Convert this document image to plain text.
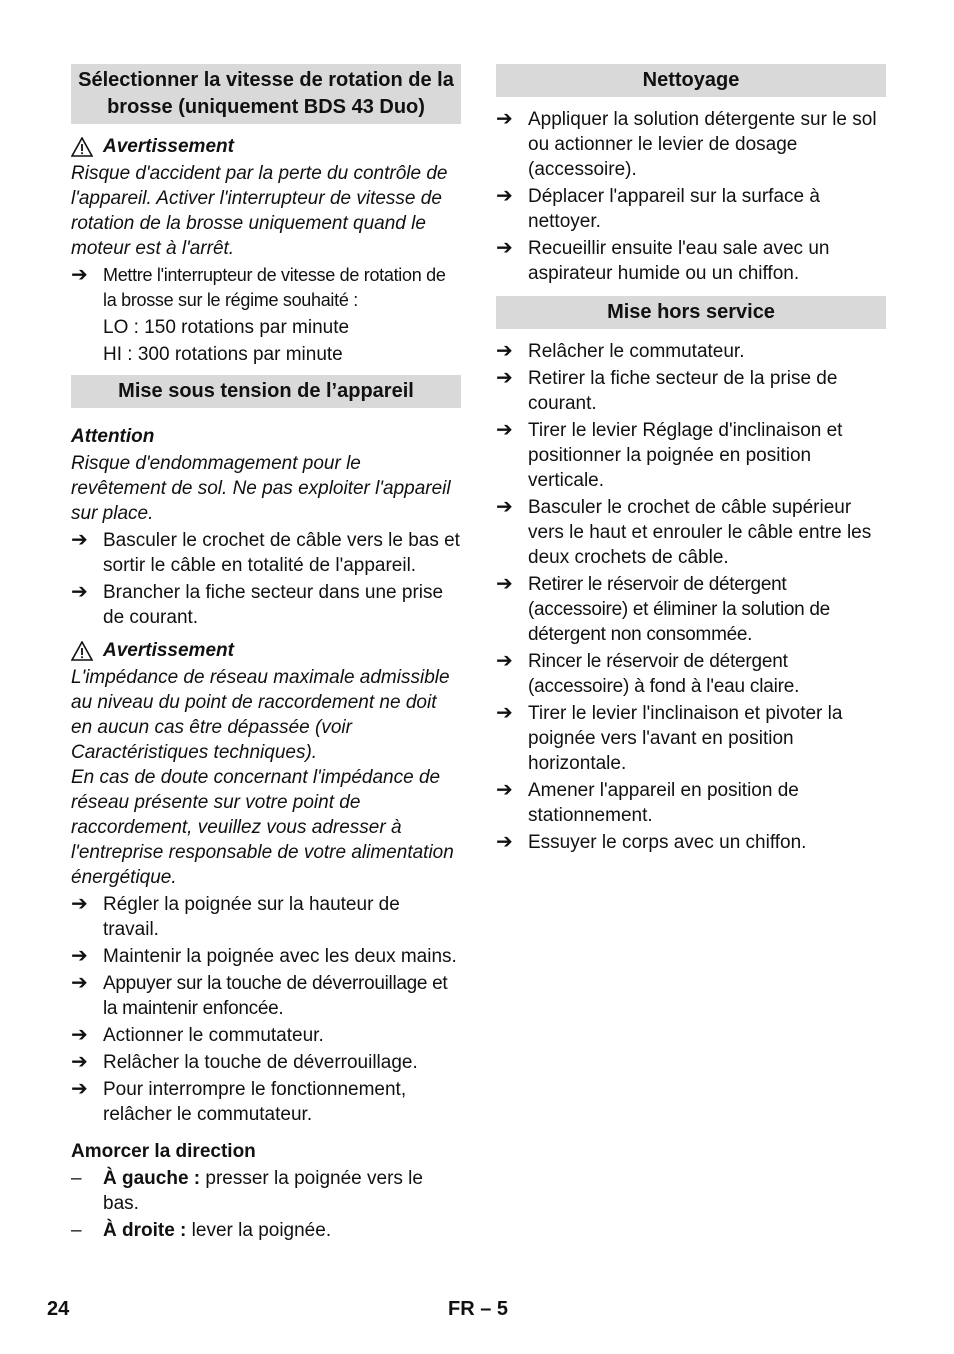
Sélectionner la vitesse de rotation de la brosse (uniquement BDS 43 Duo)
Avertissement

Risque d'accident par la perte du contrôle de l'appareil. Activer l'interrupteur de vitesse de rotation de la brosse uniquement quand le moteur est à l'arrêt.

➔ Mettre l'interrupteur de vitesse de rotation de la brosse sur le régime souhaité :
LO : 150 rotations par minute
HI : 300 rotations par minute
Mise sous tension de l’appareil
Attention

Risque d'endommagement pour le revêtement de sol. Ne pas exploiter l'appareil sur place.

➔ Basculer le crochet de câble vers le bas et sortir le câble en totalité de l'appareil.
➔ Brancher la fiche secteur dans une prise de courant.
Avertissement

L'impédance de réseau maximale admissible au niveau du point de raccordement ne doit en aucun cas être dépassée (voir Caractéristiques techniques).

En cas de doute concernant l'impédance de réseau présente sur votre point de raccordement, veuillez vous adresser à l'entreprise responsable de votre alimentation énergétique.

➔ Régler la poignée sur la hauteur de travail.
➔ Maintenir la poignée avec les deux mains.
➔ Appuyer sur la touche de déverrouillage et la maintenir enfoncée.
➔ Actionner le commutateur.
➔ Relâcher la touche de déverrouillage.
➔ Pour interrompre le fonctionnement, relâcher le commutateur.
Amorcer la direction
–	À gauche : presser la poignée vers le bas.
–	À droite : lever la poignée.
Nettoyage
➔ Appliquer la solution détergente sur le sol ou actionner le levier de dosage (accessoire).
➔ Déplacer l'appareil sur la surface à nettoyer.
➔ Recueillir ensuite l'eau sale avec un aspirateur humide ou un chiffon.
Mise hors service
➔ Relâcher le commutateur.
➔ Retirer la fiche secteur de la prise de courant.
➔ Tirer le levier Réglage d'inclinaison et positionner la poignée en position verticale.
➔ Basculer le crochet de câble supérieur vers le haut et enrouler le câble entre les deux crochets de câble.
➔ Retirer le réservoir de détergent (accessoire) et éliminer la solution de détergent non consommée.
➔ Rincer le réservoir de détergent (accessoire) à fond à l'eau claire.
➔ Tirer le levier l'inclinaison et pivoter la poignée vers l'avant en position horizontale.
➔ Amener l'appareil en position de stationnement.
➔ Essuyer le corps avec un chiffon.
24	FR – 5
